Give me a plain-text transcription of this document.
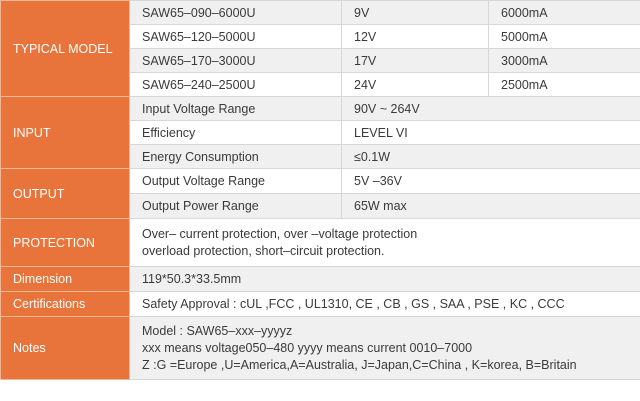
TYPICAL MODEL	SAW65–090–6000U	9V	6000mA
	SAW65–120–5000U	12V	5000mA
	SAW65–170–3000U	17V	3000mA
	SAW65–240–2500U	24V	2500mA
INPUT	Input Voltage Range	90V ~ 264V	
	Efficiency	LEVEL VI	
	Energy Consumption	≤0.1W	
OUTPUT	Output Voltage Range	5V –36V	
	Output Power Range	65W max	
PROTECTION	Over– current protection, over –voltage protection
overload protection, short–circuit protection.		

Dimension	119*50.3*33.5mm		
Certifications	Safety Approval : cUL ,FCC , UL1310, CE , CB , GS , SAA , PSE , KC , CCC		
Notes	Model : SAW65–xxx–yyyyz
xxx means voltage050–480 yyyy means current 0010–7000
Z :G =Europe ,U=America,A=Australia, J=Japan,C=China , K=korea, B=Britain		
